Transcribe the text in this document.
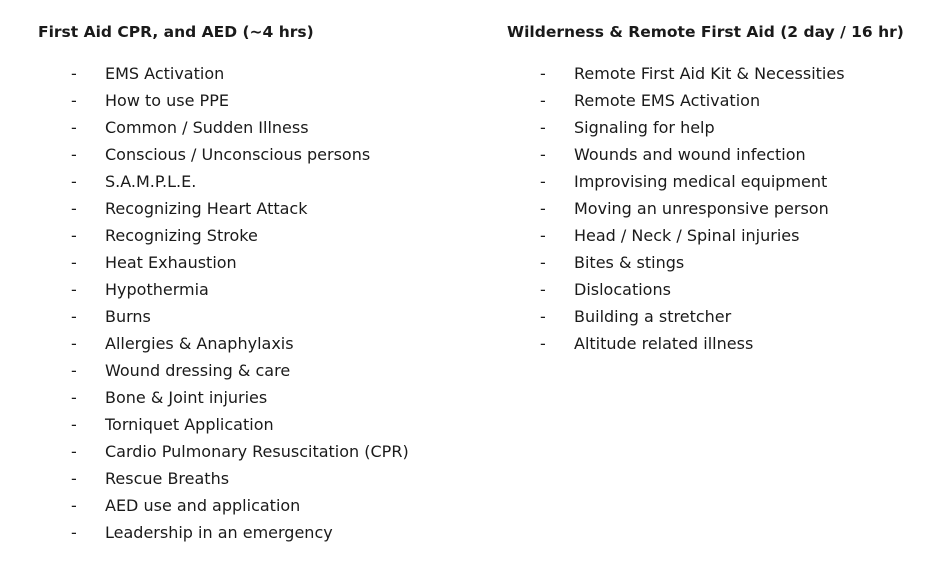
First Aid CPR, and AED (~4 hrs)
- EMS Activation
- How to use PPE
- Common / Sudden Illness
- Conscious / Unconscious persons
- S.A.M.P.L.E.
- Recognizing Heart Attack
- Recognizing Stroke
- Heat Exhaustion
- Hypothermia
- Burns
- Allergies & Anaphylaxis
- Wound dressing & care
- Bone & Joint injuries
- Torniquet Application
- Cardio Pulmonary Resuscitation (CPR)
- Rescue Breaths
- AED use and application
- Leadership in an emergency
Wilderness & Remote First Aid (2 day / 16 hr)
- Remote First Aid Kit & Necessities
- Remote EMS Activation
- Signaling for help
- Wounds and wound infection
- Improvising medical equipment
- Moving an unresponsive person
- Head / Neck / Spinal injuries
- Bites & stings
- Dislocations
- Building a stretcher
- Altitude related illness
